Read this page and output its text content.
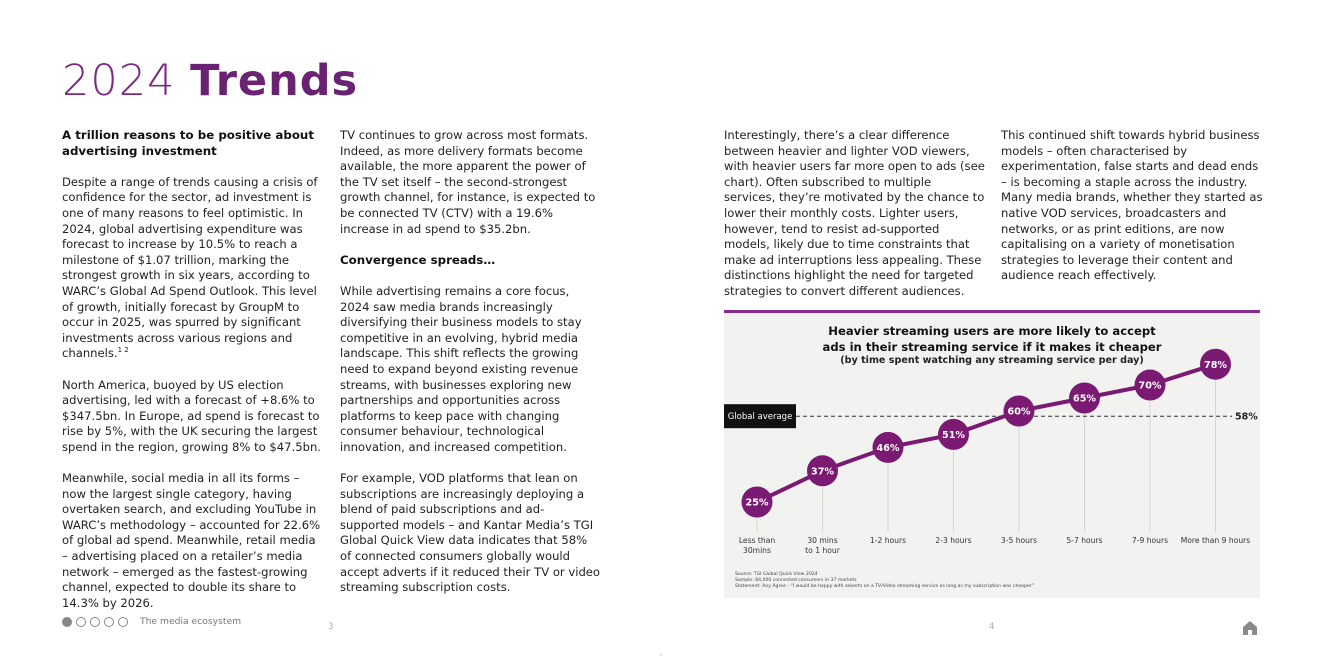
2024 Trends
A trillion reasons to be positive about advertising investment

Despite a range of trends causing a crisis of confidence for the sector, ad investment is one of many reasons to feel optimistic. In 2024, global advertising expenditure was forecast to increase by 10.5% to reach a milestone of $1.07 trillion, marking the strongest growth in six years, according to WARC’s Global Ad Spend Outlook. This level of growth, initially forecast by GroupM to occur in 2025, was spurred by significant investments across various regions and channels.$^{1 2}$

North America, buoyed by US election advertising, led with a forecast of +8.6% to $347.5bn. In Europe, ad spend is forecast to rise by 5%, with the UK securing the largest spend in the region, growing 8% to $47.5bn.

Meanwhile, social media in all its forms – now the largest single category, having overtaken search, and excluding YouTube in WARC’s methodology – accounted for 22.6% of global ad spend. Meanwhile, retail media – advertising placed on a retailer’s media network – emerged as the fastest-growing channel, expected to double its share to 14.3% by 2026.

TV continues to grow across most formats. Indeed, as more delivery formats become available, the more apparent the power of the TV set itself – the second-strongest growth channel, for instance, is expected to be connected TV (CTV) with a 19.6% increase in ad spend to $35.2bn.

Convergence spreads…

While advertising remains a core focus, 2024 saw media brands increasingly diversifying their business models to stay competitive in an evolving, hybrid media landscape. This shift reflects the growing need to expand beyond existing revenue streams, with businesses exploring new partnerships and opportunities across platforms to keep pace with changing consumer behaviour, technological innovation, and increased competition.

For example, VOD platforms that lean on subscriptions are increasingly deploying a blend of paid subscriptions and ad-supported models – and Kantar Media’s TGI Global Quick View data indicates that 58% of connected consumers globally would accept adverts if it reduced their TV or video streaming subscription costs.

Interestingly, there’s a clear difference between heavier and lighter VOD viewers, with heavier users far more open to ads (see chart). Often subscribed to multiple services, they’re motivated by the chance to lower their monthly costs. Lighter users, however, tend to resist ad-supported models, likely due to time constraints that make ad interruptions less appealing. These distinctions highlight the need for targeted strategies to convert different audiences.

This continued shift towards hybrid business models – often characterised by experimentation, false starts and dead ends – is becoming a staple across the industry. Many media brands, whether they started as native VOD services, broadcasters and networks, or as print editions, are now capitalising on a variety of monetisation strategies to leverage their content and audience reach effectively.

Heavier streaming users are more likely to accept
ads in their streaming service if it makes it cheaper
(by time spent watching any streaming service per day)
Global average	58%
25%
37%
46%
51%
60%
65%
70%
78%
Less than 30mins
30 mins to 1 hour
1-2 hours	2-3 hours	3-5 hours	5-7 hours	7-9 hours More than 9 hours
Source: TGI Global Quick View 2024
Sample: 84,000 connected consumers in 37 markets
Statement: Any Agree - “I would be happy with adverts on a TV/Video streaming service as long as my subscription was cheaper”
The media ecosystem	3	4
•
